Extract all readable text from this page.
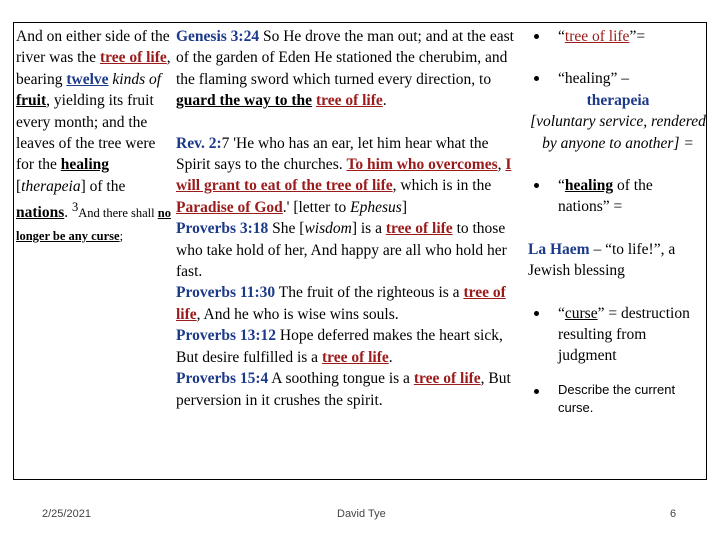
And on either side of the river was the tree of life, bearing twelve kinds of fruit, yielding its fruit every month; and the leaves of the tree were for the healing [therapeia] of the nations. $^3$And there shall no longer be any curse;
Genesis 3:24 So He drove the man out; and at the east of the garden of Eden He stationed the cherubim, and the flaming sword which turned every direction, to guard the way to the tree of life.
Rev. 2:7 'He who has an ear, let him hear what the Spirit says to the churches. To him who overcomes, I will grant to eat of the tree of life, which is in the Paradise of God.' [letter to Ephesus]
Proverbs 3:18 She [wisdom] is a tree of life to those who take hold of her, And happy are all who hold her fast.
Proverbs 11:30 The fruit of the righteous is a tree of life, And he who is wise wins souls.
Proverbs 13:12 Hope deferred makes the heart sick, But desire fulfilled is a tree of life.
Proverbs 15:4 A soothing tongue is a tree of life, But perversion in it crushes the spirit.
“tree of life”=
“healing” –
therapeia
[voluntary service, rendered by anyone to another] =
“healing of the nations” =
La Haem – “to life!”, a Jewish blessing
“curse” = destruction resulting from judgment
Describe the current curse.
2/25/2021	David Tye	6
